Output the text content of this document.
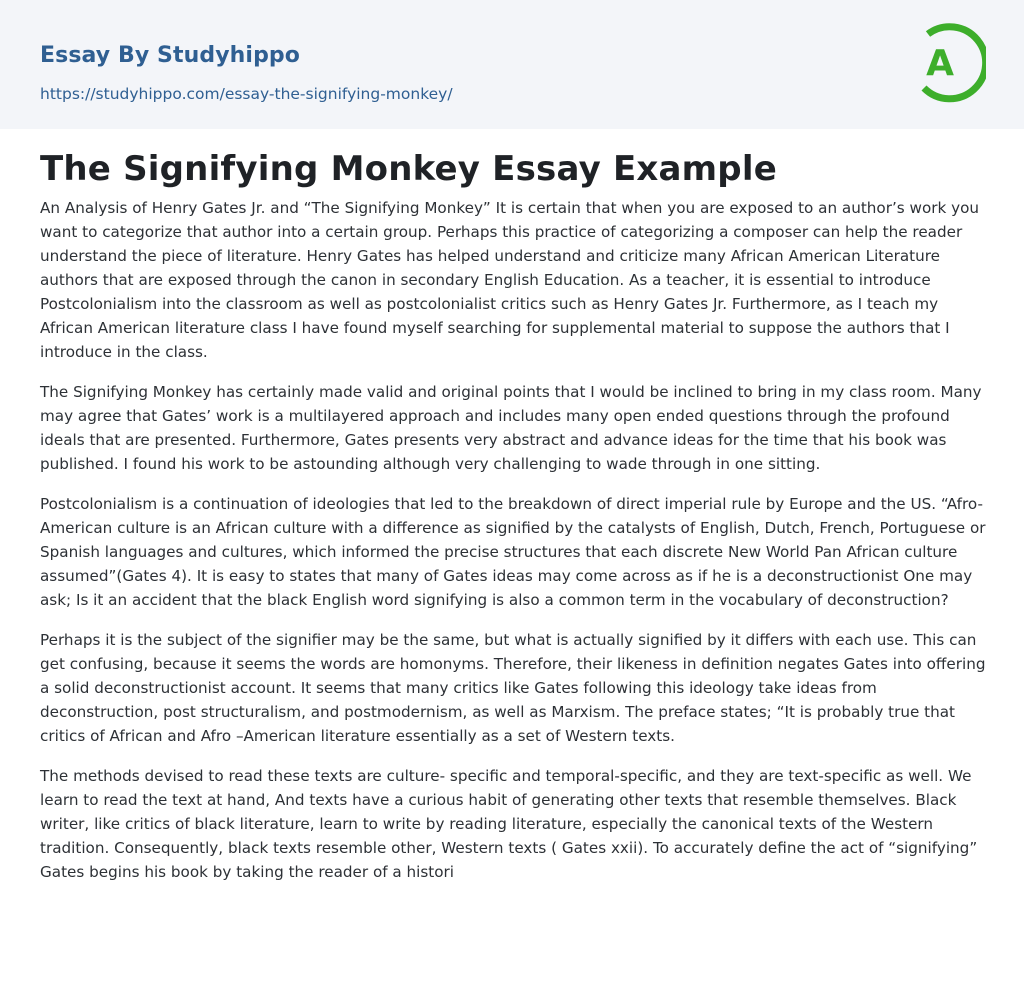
Essay By Studyhippo
https://studyhippo.com/essay-the-signifying-monkey/
A
The Signifying Monkey Essay Example

An Analysis of Henry Gates Jr. and “The Signifying Monkey” It is certain that when you are exposed to an author’s work you want to categorize that author into a certain group. Perhaps this practice of categorizing a composer can help the reader understand the piece of literature. Henry Gates has helped understand and criticize many African American Literature authors that are exposed through the canon in secondary English Education. As a teacher, it is essential to introduce Postcolonialism into the classroom as well as postcolonialist critics such as Henry Gates Jr. Furthermore, as I teach my African American literature class I have found myself searching for supplemental material to suppose the authors that I introduce in the class.

The Signifying Monkey has certainly made valid and original points that I would be inclined to bring in my class room. Many may agree that Gates’ work is a multilayered approach and includes many open ended questions through the profound ideals that are presented. Furthermore, Gates presents very abstract and advance ideas for the time that his book was published. I found his work to be astounding although very challenging to wade through in one sitting.

Postcolonialism is a continuation of ideologies that led to the breakdown of direct imperial rule by Europe and the US. “Afro- American culture is an African culture with a difference as signified by the catalysts of English, Dutch, French, Portuguese or Spanish languages and cultures, which informed the precise structures that each discrete New World Pan African culture assumed”(Gates 4). It is easy to states that many of Gates ideas may come across as if he is a deconstructionist One may ask; Is it an accident that the black English word signifying is also a common term in the vocabulary of deconstruction?

Perhaps it is the subject of the signifier may be the same, but what is actually signified by it differs with each use. This can get confusing, because it seems the words are homonyms. Therefore, their likeness in definition negates Gates into offering a solid deconstructionist account. It seems that many critics like Gates following this ideology take ideas from deconstruction, post structuralism, and postmodernism, as well as Marxism. The preface states; “It is probably true that critics of African and Afro –American literature essentially as a set of Western texts.

The methods devised to read these texts are culture- specific and temporal-specific, and they are text-specific as well. We learn to read the text at hand, And texts have a curious habit of generating other texts that resemble themselves. Black writer, like critics of black literature, learn to write by reading literature, especially the canonical texts of the Western tradition. Consequently, black texts resemble other, Western texts ( Gates xxii). To accurately define the act of “signifying” Gates begins his book by taking the reader of a histori
